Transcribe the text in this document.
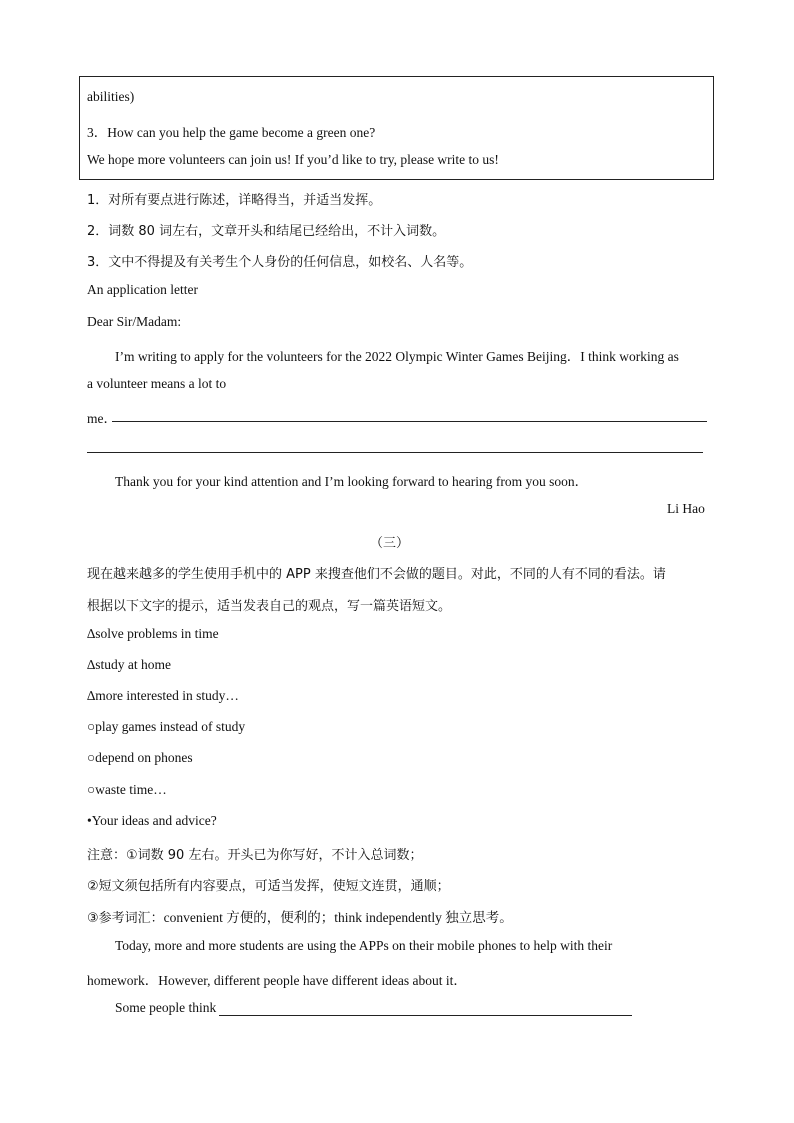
abilities)
3．How can you help the game become a green one?
We hope more volunteers can join us! If you’d like to try, please write to us!
1．对所有要点进行陈述，详略得当，并适当发挥。
2．词数 80 词左右，文章开头和结尾已经给出，不计入词数。
3．文中不得提及有关考生个人身份的任何信息，如校名、人名等。
An application letter
Dear Sir/Madam:
I’m writing to apply for the volunteers for the 2022 Olympic Winter Games Beijing．I think working as
a volunteer means a lot to
me．
Thank you for your kind attention and I’m looking forward to hearing from you soon．
Li Hao
（三）
现在越来越多的学生使用手机中的 APP 来搜查他们不会做的题目。对此，不同的人有不同的看法。请
根据以下文字的提示，适当发表自己的观点，写一篇英语短文。
∆solve problems in time
∆study at home
∆more interested in study…
○play games instead of study
○depend on phones
○waste time…
•Your ideas and advice?
注意：①词数 90 左右。开头已为你写好，不计入总词数；
②短文须包括所有内容要点，可适当发挥，使短文连贯，通顺；
③参考词汇：convenient 方便的，便利的；think independently 独立思考。
Today, more and more students are using the APPs on their mobile phones to help with their
homework．However, different people have different ideas about it．
Some people think
